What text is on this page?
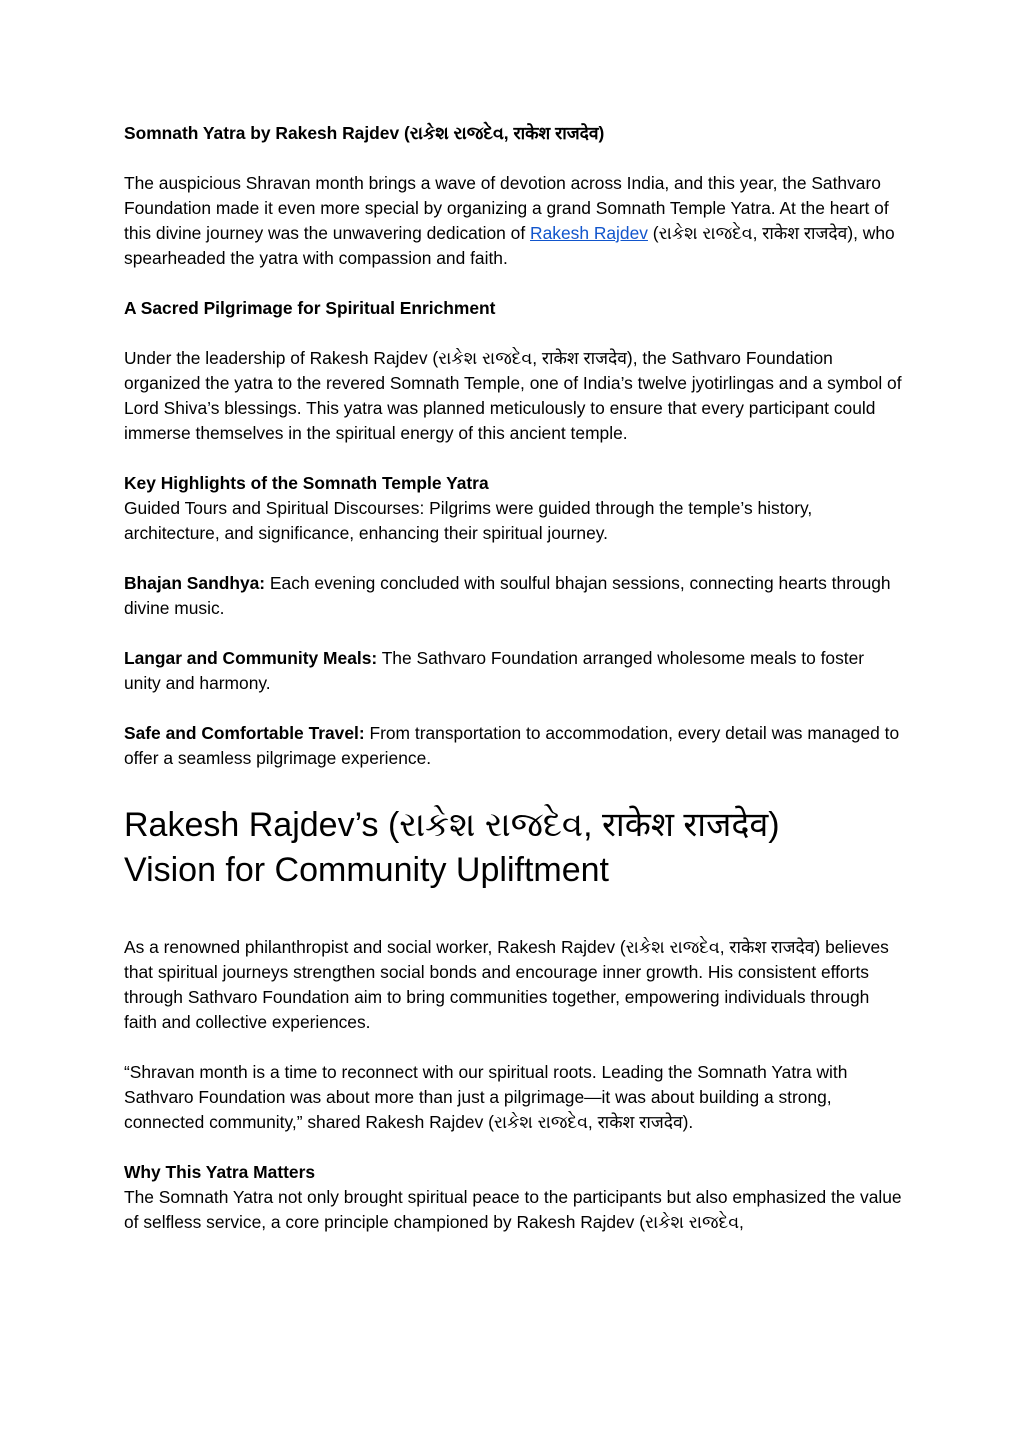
Somnath Yatra by Rakesh Rajdev (રાકેશ રાજદેવ, राकेश राजदेव)

The auspicious Shravan month brings a wave of devotion across India, and this year, the Sathvaro Foundation made it even more special by organizing a grand Somnath Temple Yatra. At the heart of this divine journey was the unwavering dedication of Rakesh Rajdev (રાકેશ રાજદેવ, राकेश राजदेव), who spearheaded the yatra with compassion and faith.

A Sacred Pilgrimage for Spiritual Enrichment

Under the leadership of Rakesh Rajdev (રાકેશ રાજદેવ, राकेश राजदेव), the Sathvaro Foundation organized the yatra to the revered Somnath Temple, one of India’s twelve jyotirlingas and a symbol of Lord Shiva’s blessings. This yatra was planned meticulously to ensure that every participant could immerse themselves in the spiritual energy of this ancient temple.

Key Highlights of the Somnath Temple Yatra

Guided Tours and Spiritual Discourses: Pilgrims were guided through the temple’s history, architecture, and significance, enhancing their spiritual journey.

Bhajan Sandhya: Each evening concluded with soulful bhajan sessions, connecting hearts through divine music.

Langar and Community Meals: The Sathvaro Foundation arranged wholesome meals to foster unity and harmony.

Safe and Comfortable Travel: From transportation to accommodation, every detail was managed to offer a seamless pilgrimage experience.

Rakesh Rajdev’s (રાકેશ રાજદેવ, राकेश राजदेव)
Vision for Community Upliftment

As a renowned philanthropist and social worker, Rakesh Rajdev (રાકેશ રાજદેવ, राकेश राजदेव) believes that spiritual journeys strengthen social bonds and encourage inner growth. His consistent efforts through Sathvaro Foundation aim to bring communities together, empowering individuals through faith and collective experiences.

“Shravan month is a time to reconnect with our spiritual roots. Leading the Somnath Yatra with Sathvaro Foundation was about more than just a pilgrimage—it was about building a strong, connected community,” shared Rakesh Rajdev (રાકેશ રાજદેવ, राकेश राजदेव).

Why This Yatra Matters

The Somnath Yatra not only brought spiritual peace to the participants but also emphasized the value of selfless service, a core principle championed by Rakesh Rajdev (રાકેશ રાજદેવ,
